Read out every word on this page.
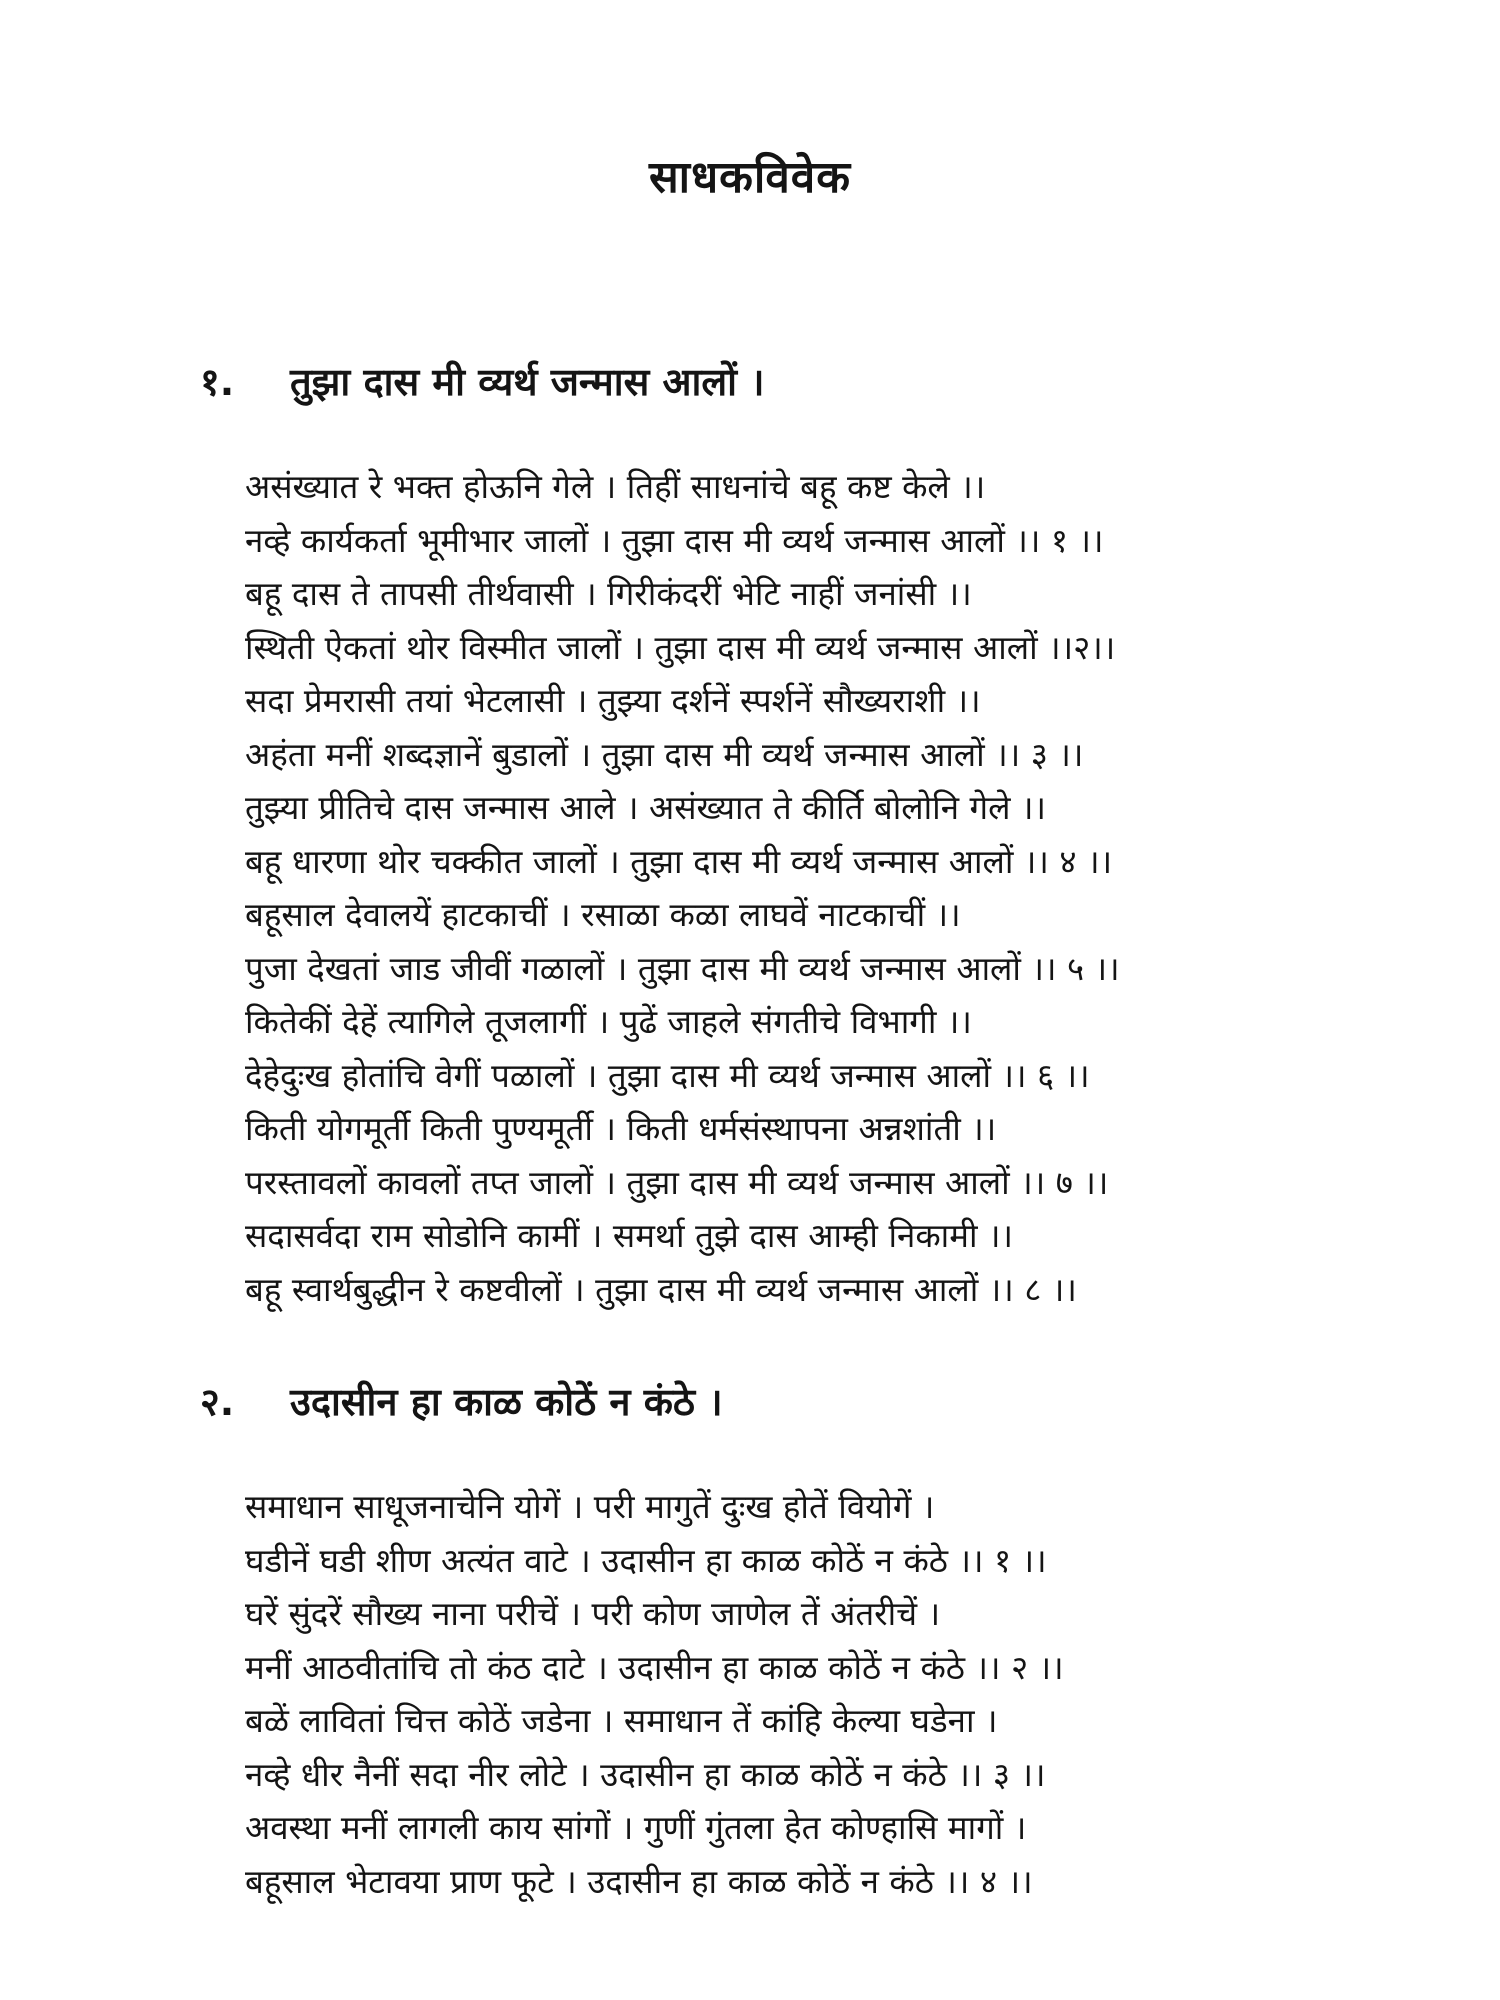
साधकविवेक
१. तुझा दास मी व्यर्थ जन्मास आलों ।
असंख्यात रे भक्त होऊनि गेले । तिहीं साधनांचे बहू कष्ट केले ।।
नव्हे कार्यकर्ता भूमीभार जालों । तुझा दास मी व्यर्थ जन्मास आलों ।। १ ।।
बहू दास ते तापसी तीर्थवासी । गिरीकंदरीं भेटि नाहीं जनांसी ।।
स्थिती ऐकतां थोर विस्मीत जालों । तुझा दास मी व्यर्थ जन्मास आलों ।।२।।
सदा प्रेमरासी तयां भेटलासी । तुझ्या दर्शनें स्पर्शनें सौख्यराशी ।।
अहंता मनीं शब्दज्ञानें बुडालों । तुझा दास मी व्यर्थ जन्मास आलों ।। ३ ।।
तुझ्या प्रीतिचे दास जन्मास आले । असंख्यात ते कीर्ति बोलोनि गेले ।।
बहू धारणा थोर चक्कीत जालों । तुझा दास मी व्यर्थ जन्मास आलों ।। ४ ।।
बहूसाल देवालयें हाटकाचीं । रसाळा कळा लाघवें नाटकाचीं ।।
पुजा देखतां जाड जीवीं गळालों । तुझा दास मी व्यर्थ जन्मास आलों ।। ५ ।।
कितेकीं देहें त्यागिले तूजलागीं । पुढें जाहले संगतीचे विभागी ।।
देहेदुःख होतांचि वेगीं पळालों । तुझा दास मी व्यर्थ जन्मास आलों ।। ६ ।।
किती योगमूर्ती किती पुण्यमूर्ती । किती धर्मसंस्थापना अन्नशांती ।।
परस्तावलों कावलों तप्त जालों । तुझा दास मी व्यर्थ जन्मास आलों ।। ७ ।।
सदासर्वदा राम सोडोनि कामीं । समर्था तुझे दास आम्ही निकामी ।।
बहू स्वार्थबुद्धीन रे कष्टवीलों । तुझा दास मी व्यर्थ जन्मास आलों ।। ८ ।।
२. उदासीन हा काळ कोठें न कंठे ।
समाधान साधूजनाचेनि योगें । परी मागुतें दुःख होतें वियोगें ।
घडीनें घडी शीण अत्यंत वाटे । उदासीन हा काळ कोठें न कंठे ।। १ ।।
घरें सुंदरें सौख्य नाना परीचें । परी कोण जाणेल तें अंतरीचें ।
मनीं आठवीतांचि तो कंठ दाटे । उदासीन हा काळ कोठें न कंठे ।। २ ।।
बळें लावितां चित्त कोठें जडेना । समाधान तें कांहि केल्या घडेना ।
नव्हे धीर नैनीं सदा नीर लोटे । उदासीन हा काळ कोठें न कंठे ।। ३ ।।
अवस्था मनीं लागली काय सांगों । गुणीं गुंतला हेत कोण्हासि मागों ।
बहूसाल भेटावया प्राण फूटे । उदासीन हा काळ कोठें न कंठे ।। ४ ।।
